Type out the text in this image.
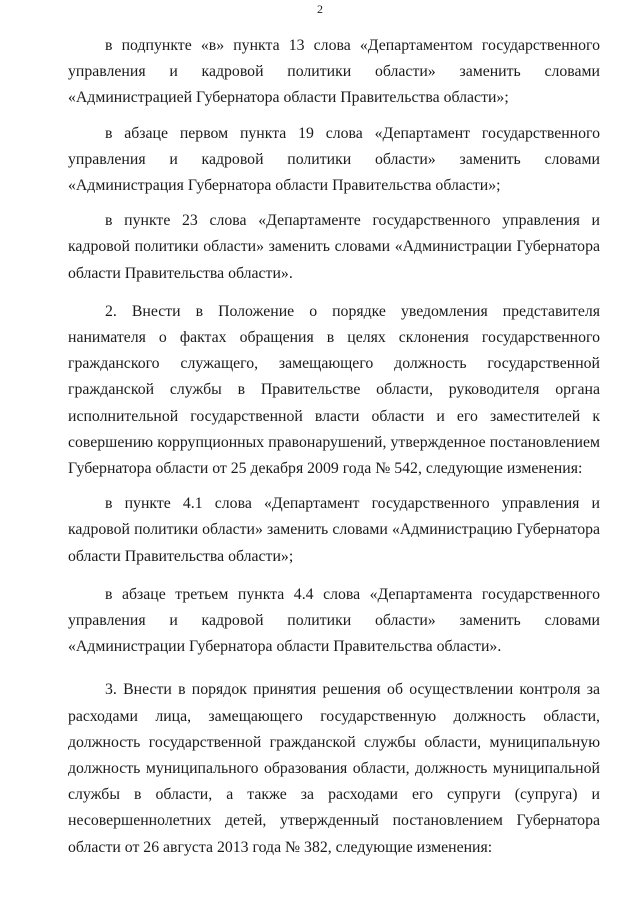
2

в подпункте «в» пункта 13 слова «Департаментом государственного управления и кадровой политики области» заменить словами «Администрацией Губернатора области Правительства области»;

в абзаце первом пункта 19 слова «Департамент государственного управления и кадровой политики области» заменить словами «Администрация Губернатора области Правительства области»;

в пункте 23 слова «Департаменте государственного управления и кадровой политики области» заменить словами «Администрации Губернатора области Правительства области».

2. Внести в Положение о порядке уведомления представителя нанимателя о фактах обращения в целях склонения государственного гражданского служащего, замещающего должность государственной гражданской службы в Правительстве области, руководителя органа исполнительной государственной власти области и его заместителей к совершению коррупционных правонарушений, утвержденное постановлением Губернатора области от 25 декабря 2009 года № 542, следующие изменения:

в пункте 4.1 слова «Департамент государственного управления и кадровой политики области» заменить словами «Администрацию Губернатора области Правительства области»;

в абзаце третьем пункта 4.4 слова «Департамента государственного управления и кадровой политики области» заменить словами «Администрации Губернатора области Правительства области».

3. Внести в порядок принятия решения об осуществлении контроля за расходами лица, замещающего государственную должность области, должность государственной гражданской службы области, муниципальную должность муниципального образования области, должность муниципальной службы в области, а также за расходами его супруги (супруга) и несовершеннолетних детей, утвержденный постановлением Губернатора области от 26 августа 2013 года № 382, следующие изменения:
